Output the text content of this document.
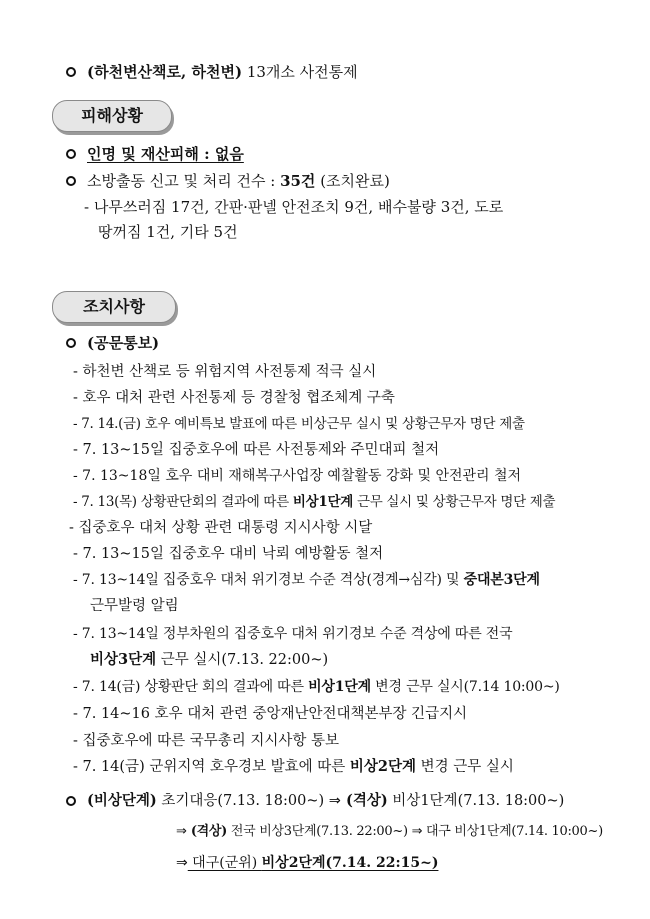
(하천변산책로, 하천변) 13개소 사전통제
피해상황
인명 및 재산피해 : 없음
소방출동 신고 및 처리 건수 : 35건 (조치완료)
- 나무쓰러짐 17건, 간판·판넬 안전조치 9건, 배수불량 3건, 도로
땅꺼짐 1건, 기타 5건
조치사항
(공문통보)
- 하천변 산책로 등 위험지역 사전통제 적극 실시
- 호우 대처 관련 사전통제 등 경찰청 협조체계 구축
- 7. 14.(금) 호우 예비특보 발표에 따른 비상근무 실시 및 상황근무자 명단 제출
- 7. 13~15일 집중호우에 따른 사전통제와 주민대피 철저
- 7. 13~18일 호우 대비 재해복구사업장 예찰활동 강화 및 안전관리 철저
- 7. 13(목) 상황판단회의 결과에 따른 비상1단계 근무 실시 및 상황근무자 명단 제출
- 집중호우 대처 상황 관련 대통령 지시사항 시달
- 7. 13~15일 집중호우 대비 낙뢰 예방활동 철저
- 7. 13~14일 집중호우 대처 위기경보 수준 격상(경계→심각) 및 중대본3단계
근무발령 알림
- 7. 13~14일 정부차원의 집중호우 대처 위기경보 수준 격상에 따른 전국
비상3단계 근무 실시(7.13. 22:00~)
- 7. 14(금) 상황판단 회의 결과에 따른 비상1단계 변경 근무 실시(7.14 10:00~)
- 7. 14~16 호우 대처 관련 중앙재난안전대책본부장 긴급지시
- 집중호우에 따른 국무총리 지시사항 통보
- 7. 14(금) 군위지역 호우경보 발효에 따른 비상2단계 변경 근무 실시
(비상단계) 초기대응(7.13. 18:00~) ⇒ (격상) 비상1단계(7.13. 18:00~)
⇒ (격상) 전국 비상3단계(7.13. 22:00~) ⇒ 대구 비상1단계(7.14. 10:00~)
⇒ 대구(군위) 비상2단계(7.14. 22:15~)
